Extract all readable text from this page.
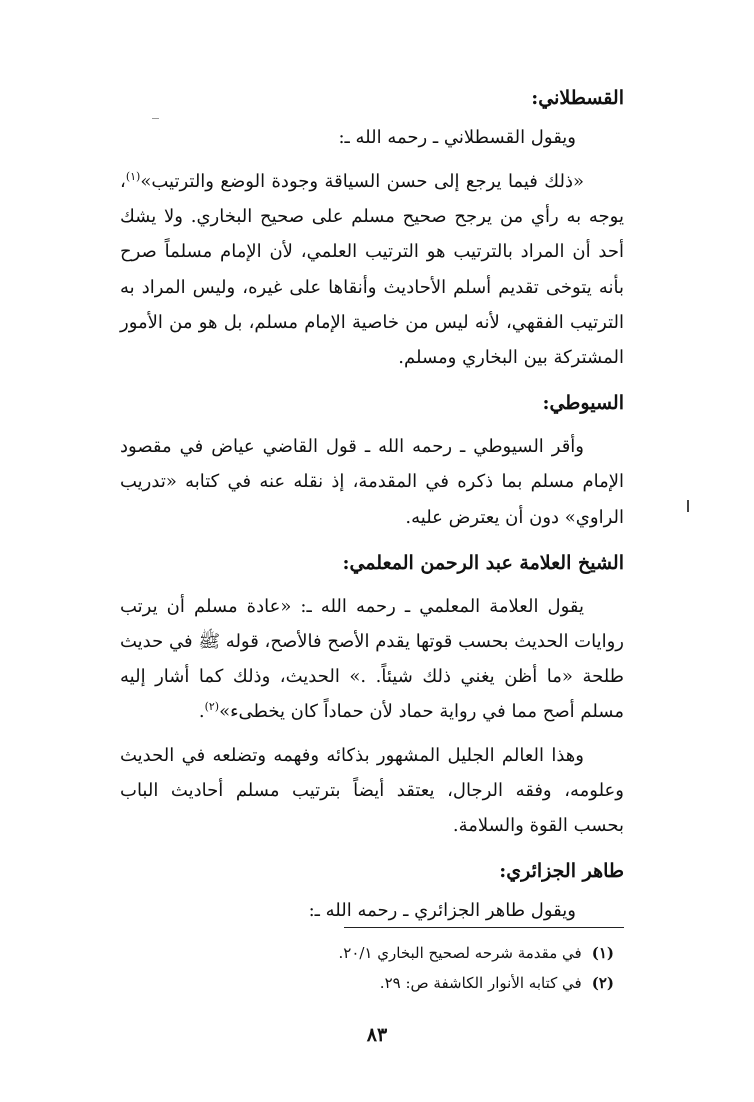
القسطلاني:

ويقول القسطلاني ـ رحمه الله ـ:

«ذلك فيما يرجع إلى حسن السياقة وجودة الوضع والترتيب»$^{(١)}$، يوجه به رأي من يرجح صحيح مسلم على صحيح البخاري. ولا يشك أحد أن المراد بالترتيب هو الترتيب العلمي، لأن الإمام مسلماً صرح بأنه يتوخى تقديم أسلم الأحاديث وأنقاها على غيره، وليس المراد به الترتيب الفقهي، لأنه ليس من خاصية الإمام مسلم، بل هو من الأمور المشتركة بين البخاري ومسلم.

السيوطي:

وأقر السيوطي ـ رحمه الله ـ قول القاضي عياض في مقصود الإمام مسلم بما ذكره في المقدمة، إذ نقله عنه في كتابه «تدريب الراوي» دون أن يعترض عليه.

الشيخ العلامة عبد الرحمن المعلمي:

يقول العلامة المعلمي ـ رحمه الله ـ: «عادة مسلم أن يرتب روايات الحديث بحسب قوتها يقدم الأصح فالأصح، قوله ﷺ في حديث طلحة «ما أظن يغني ذلك شيئاً. .» الحديث، وذلك كما أشار إليه مسلم أصح مما في رواية حماد لأن حماداً كان يخطىء»$^{(٢)}$.

وهذا العالم الجليل المشهور بذكائه وفهمه وتضلعه في الحديث وعلومه، وفقه الرجال، يعتقد أيضاً بترتيب مسلم أحاديث الباب بحسب القوة والسلامة.

طاهر الجزائري:

ويقول طاهر الجزائري ـ رحمه الله ـ:

(١)
في مقدمة شرحه لصحيح البخاري ٢٠/١.
(٢)
في كتابه الأنوار الكاشفة ص: ٢٩.
٨٣
